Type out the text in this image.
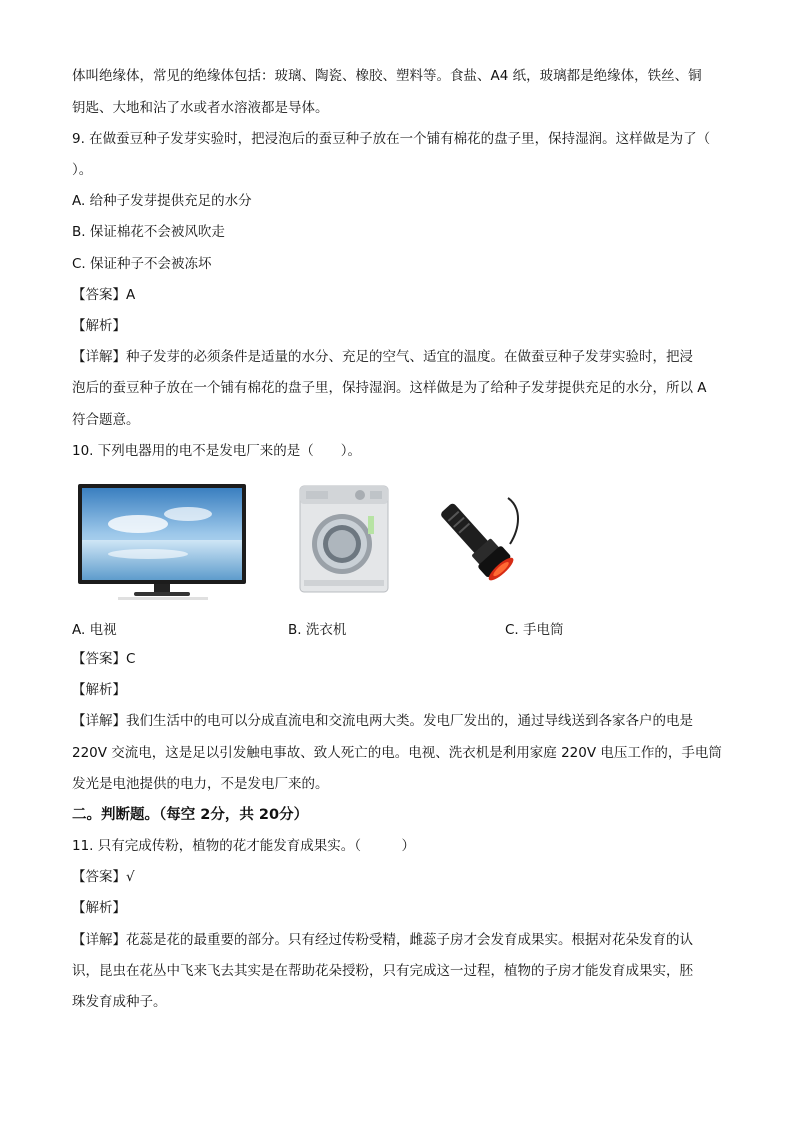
体叫绝缘体，常见的绝缘体包括：玻璃、陶瓷、橡胶、塑料等。食盐、A4 纸，玻璃都是绝缘体，铁丝、铜
钥匙、大地和沾了水或者水溶液都是导体。
9. 在做蚕豆种子发芽实验时，把浸泡后的蚕豆种子放在一个铺有棉花的盘子里，保持湿润。这样做是为了（
）。
A. 给种子发芽提供充足的水分
B. 保证棉花不会被风吹走
C. 保证种子不会被冻坏
【答案】A
【解析】
【详解】种子发芽的必须条件是适量的水分、充足的空气、适宜的温度。在做蚕豆种子发芽实验时，把浸
泡后的蚕豆种子放在一个铺有棉花的盘子里，保持湿润。这样做是为了给种子发芽提供充足的水分，所以 A
符合题意。
10. 下列电器用的电不是发电厂来的是（　　）。
A. 电视	B. 洗衣机	C. 手电筒
【答案】C
【解析】
【详解】我们生活中的电可以分成直流电和交流电两大类。发电厂发出的，通过导线送到各家各户的电是
220V 交流电，这是足以引发触电事故、致人死亡的电。电视、洗衣机是利用家庭 220V 电压工作的，手电筒
发光是电池提供的电力，不是发电厂来的。
二。判断题。（每空 2分，共 20分）
11. 只有完成传粉，植物的花才能发育成果实。（　　　）
【答案】√
【解析】
【详解】花蕊是花的最重要的部分。只有经过传粉受精，雌蕊子房才会发育成果实。根据对花朵发育的认
识，昆虫在花丛中飞来飞去其实是在帮助花朵授粉，只有完成这一过程，植物的子房才能发育成果实，胚
珠发育成种子。
